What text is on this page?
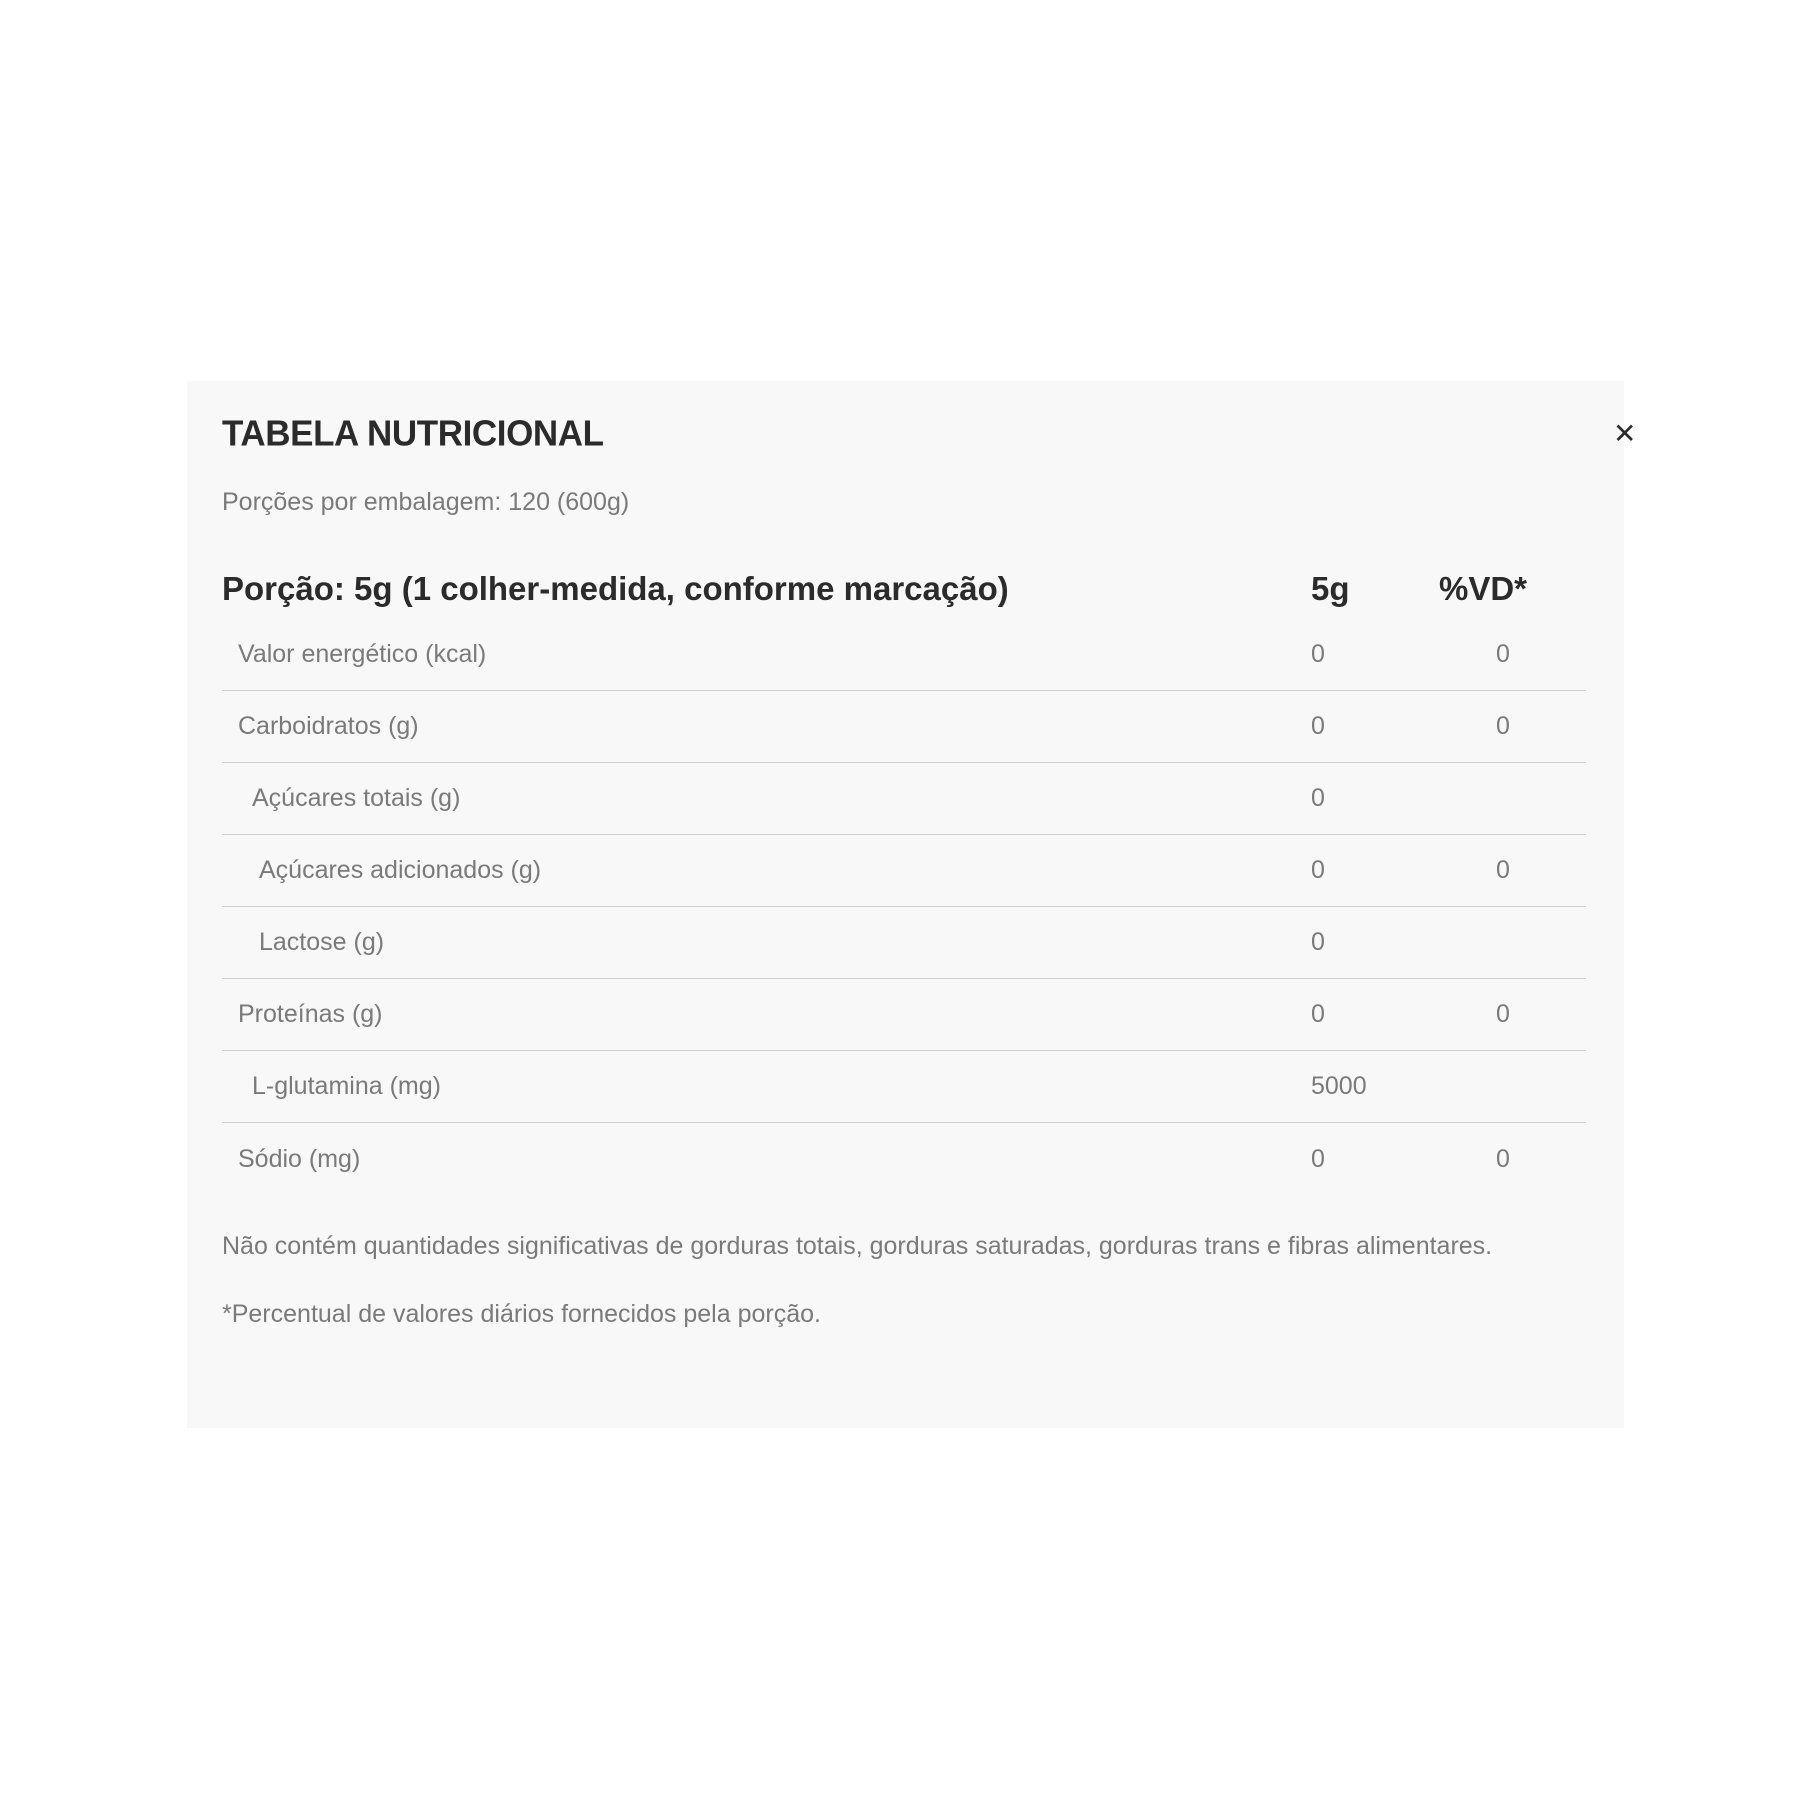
TABELA NUTRICIONAL	✕
Porções por embalagem: 120 (600g)
Porção: 5g (1 colher-medida, conforme marcação)	5g	%VD*
Valor energético (kcal)	0	0
Carboidratos (g)	0	0
Açúcares totais (g)	0
Açúcares adicionados (g)	0	0
Lactose (g)	0
Proteínas (g)	0	0
L-glutamina (mg)	5000
Sódio (mg)	0	0

Não contém quantidades significativas de gorduras totais, gorduras saturadas, gorduras trans e fibras alimentares.

*Percentual de valores diários fornecidos pela porção.
